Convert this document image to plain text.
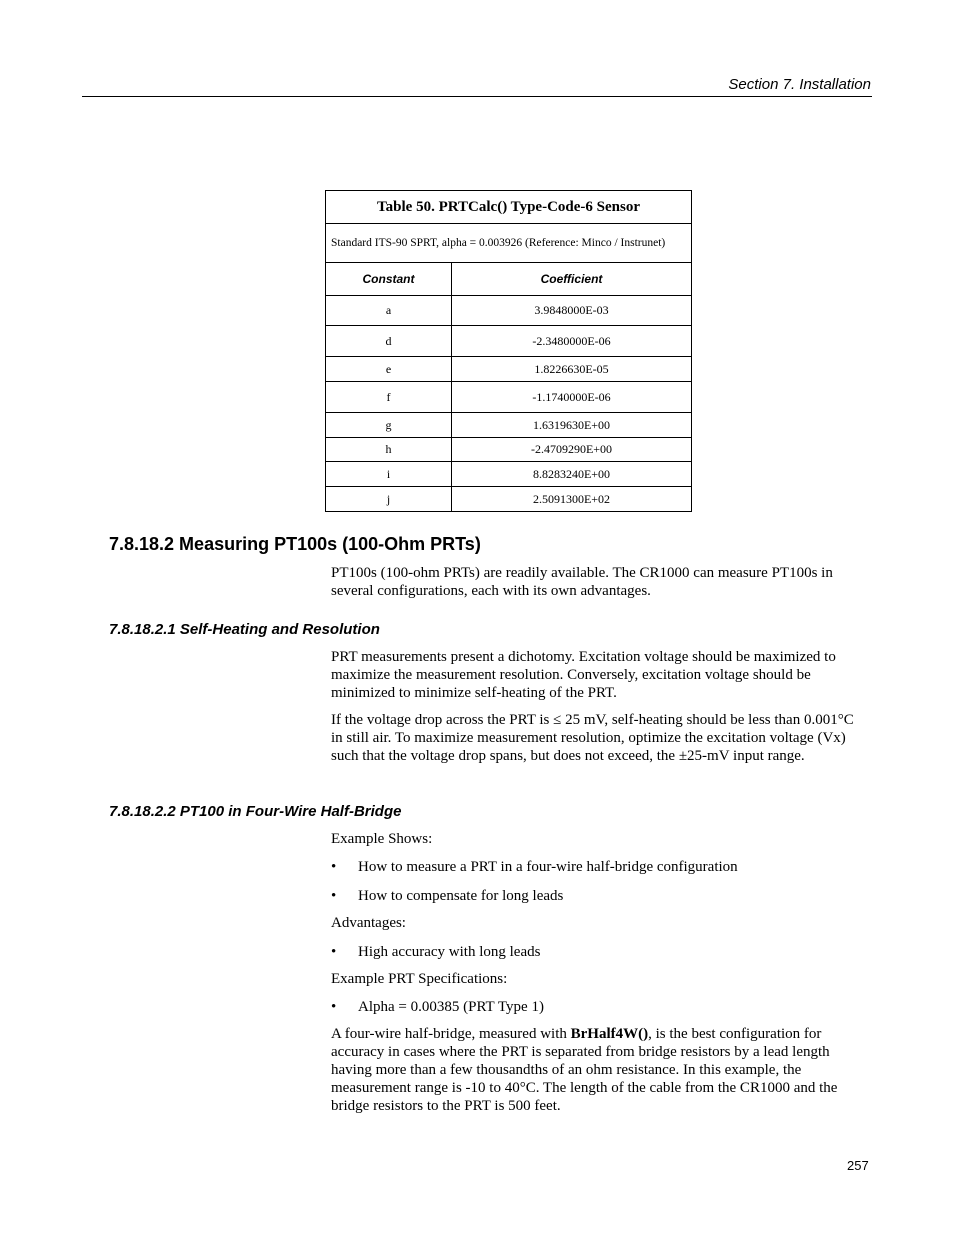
Section 7. Installation
Table 50. PRTCalc() Type-Code-6 Sensor	
Standard ITS-90 SPRT, alpha = 0.003926 (Reference: Minco / Instrunet)	
Constant	Coefficient
a	3.9848000E-03
d	-2.3480000E-06
e	1.8226630E-05
f	-1.1740000E-06
g	1.6319630E+00
h	-2.4709290E+00
i	8.8283240E+00
j	2.5091300E+02
7.8.18.2 Measuring PT100s (100-Ohm PRTs)

PT100s (100-ohm PRTs) are readily available. The CR1000 can measure PT100s in several configurations, each with its own advantages.

7.8.18.2.1 Self-Heating and Resolution

PRT measurements present a dichotomy. Excitation voltage should be maximized to maximize the measurement resolution. Conversely, excitation voltage should be minimized to minimize self-heating of the PRT.

If the voltage drop across the PRT is ≤ 25 mV, self-heating should be less than 0.001°C in still air. To maximize measurement resolution, optimize the excitation voltage (Vx) such that the voltage drop spans, but does not exceed, the ±25-mV input range.

7.8.18.2.2 PT100 in Four-Wire Half-Bridge

Example Shows:

• How to measure a PRT in a four-wire half-bridge configuration
• How to compensate for long leads

Advantages:

• High accuracy with long leads

Example PRT Specifications:

• Alpha = 0.00385 (PRT Type 1)

A four-wire half-bridge, measured with BrHalf4W(), is the best configuration for accuracy in cases where the PRT is separated from bridge resistors by a lead length having more than a few thousandths of an ohm resistance. In this example, the measurement range is -10 to 40°C. The length of the cable from the CR1000 and the bridge resistors to the PRT is 500 feet.

257
